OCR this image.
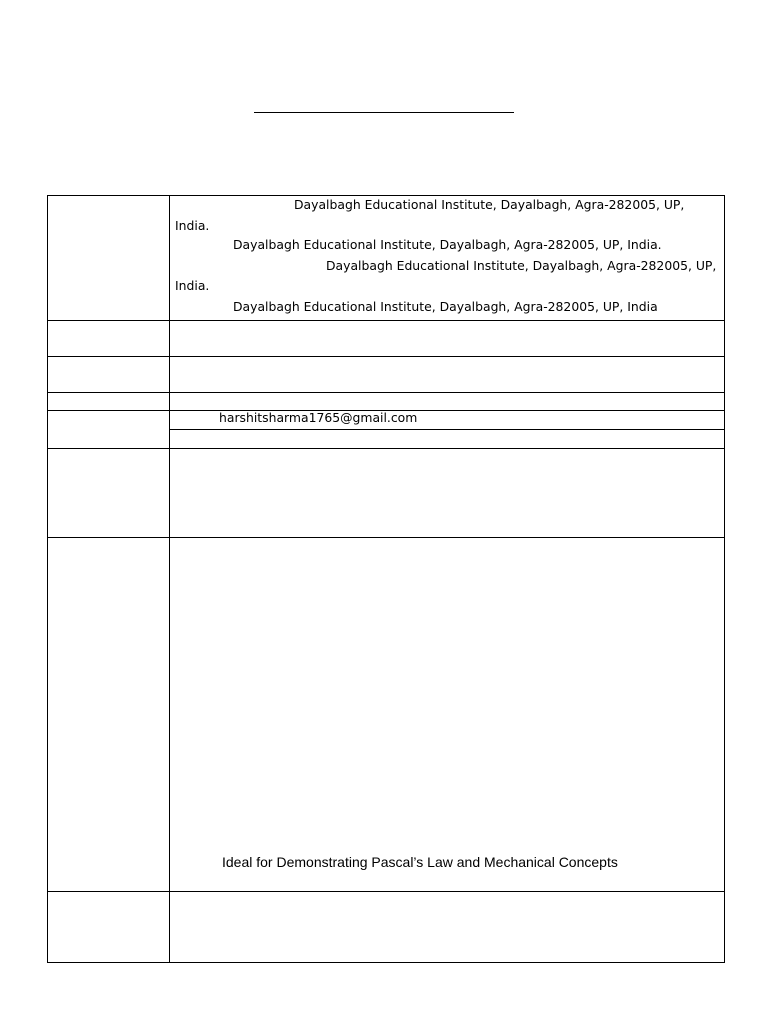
Dayalbagh Educational Institute, Dayalbagh, Agra-282005, UP,
India.
Dayalbagh Educational Institute, Dayalbagh, Agra-282005, UP, India.
Dayalbagh Educational Institute, Dayalbagh, Agra-282005, UP,
India.
Dayalbagh Educational Institute, Dayalbagh, Agra-282005, UP, India
harshitsharma1765@gmail.com
Ideal for Demonstrating Pascal’s Law and Mechanical Concepts
